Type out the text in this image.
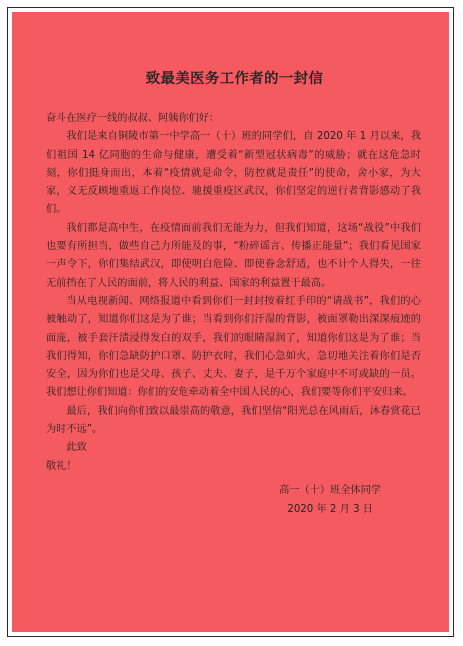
致最美医务工作者的一封信

奋斗在医疗一线的叔叔、阿姨你们好：

我们是来自铜陵市第一中学高一（十）班的同学们，自 2020 年 1 月以来，我们祖国 14 亿同胞的生命与健康，遭受着“新型冠状病毒”的威胁；就在这危急时刻，你们挺身而出，本着“疫情就是命令，防控就是责任”的使命，舍小家，为大家，义无反顾地重返工作岗位、驰援重疫区武汉，你们坚定的逆行者背影感动了我们。

我们都是高中生，在疫情面前我们无能为力，但我们知道，这场“战役”中我们也要有所担当，做些自己力所能及的事，“粉碎谣言、传播正能量”；我们看见国家一声令下，你们集结武汉，即使明白危险、即使眷念舒适，也不计个人得失，一往无前挡在了人民的面前，将人民的利益、国家的利益置于最高。

当从电视新闻、网络报道中看到你们一封封按着红手印的“请战书”，我们的心被触动了，知道你们这是为了谁；当看到你们汗湿的背影，被面罩勒出深深痕迹的面庞，被手套汗渍浸得发白的双手，我们的眼睛湿润了，知道你们这是为了谁；当我们得知，你们急缺防护口罩、防护衣时，我们心急如火，急切地关注着你们是否安全，因为你们也是父母、孩子、丈夫、妻子，是千万个家庭中不可或缺的一员。我们想让你们知道：你们的安危牵动着全中国人民的心，我们要等你们平安归来。

最后，我们向你们致以最崇高的敬意，我们坚信“阳光总在风雨后，沐春赏花已为时不远”。

此致

敬礼！

高一（十）班全体同学

2020 年 2 月 3 日
